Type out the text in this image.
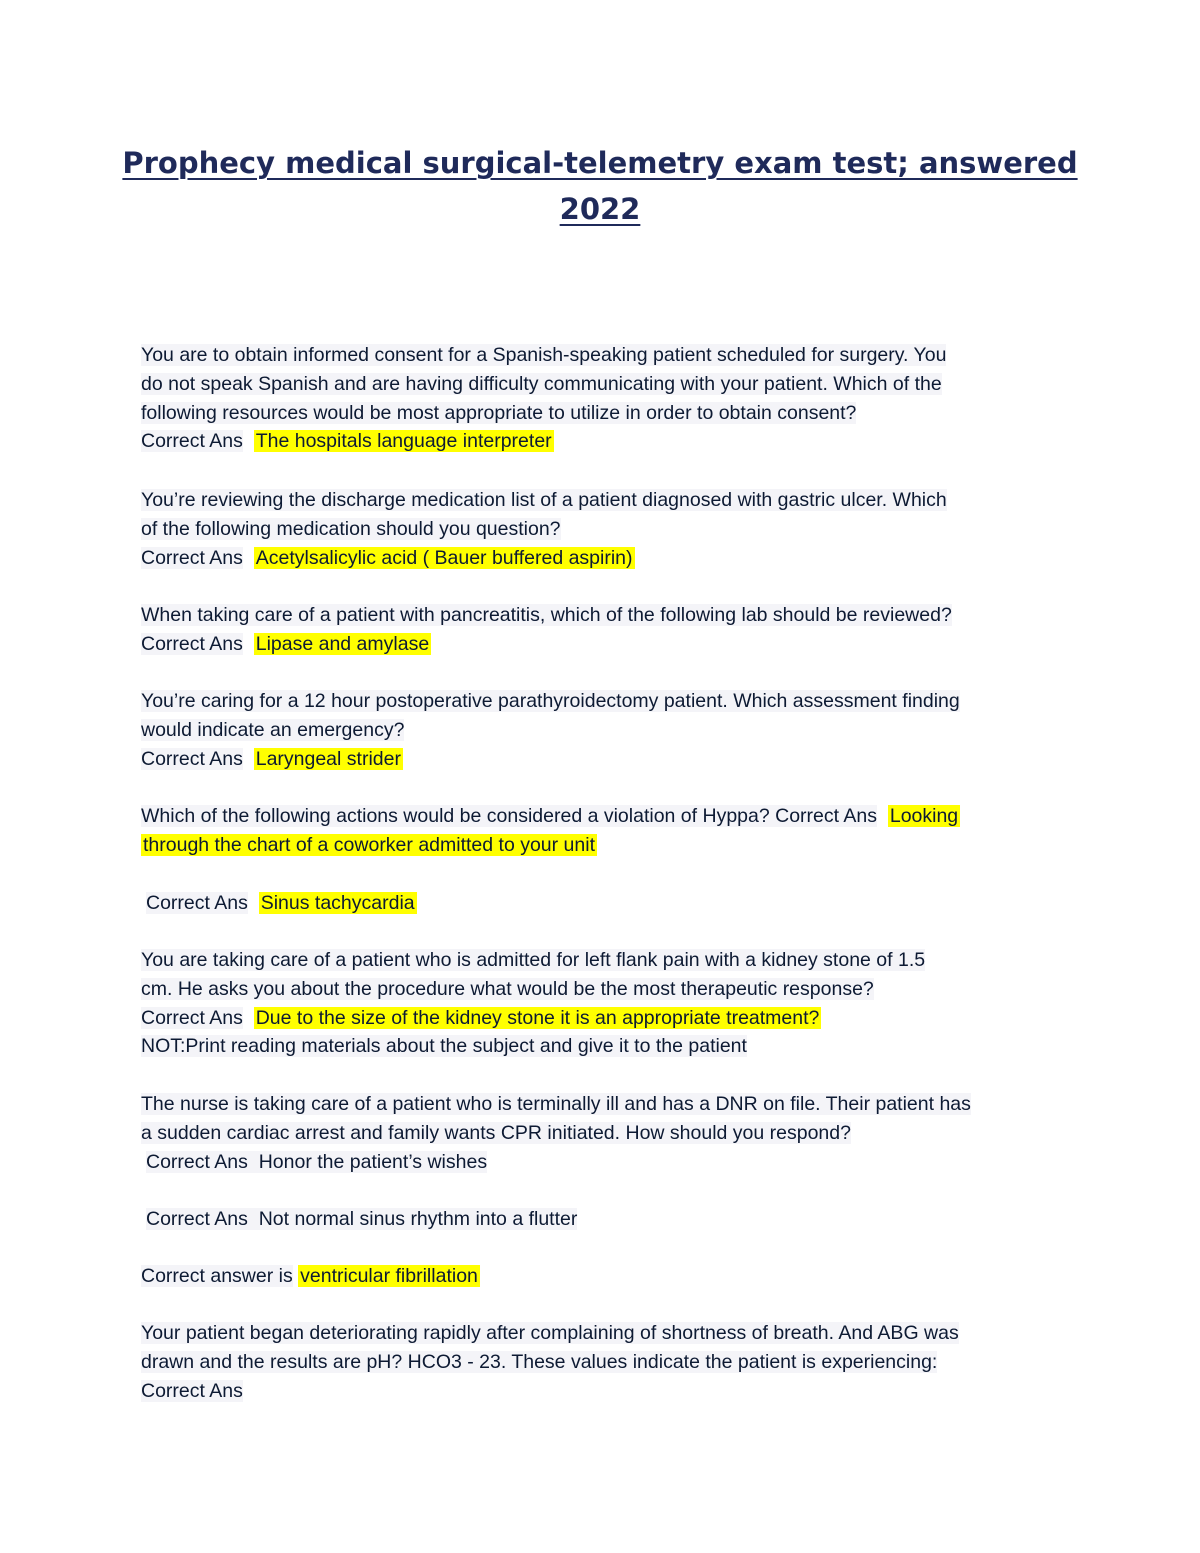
Prophecy medical surgical-telemetry exam test; answered
2022
You are to obtain informed consent for a Spanish-speaking patient scheduled for surgery. You
do not speak Spanish and are having difficulty communicating with your patient. Which of the
following resources would be most appropriate to utilize in order to obtain consent?
Correct Ans The hospitals language interpreter
You’re reviewing the discharge medication list of a patient diagnosed with gastric ulcer. Which
of the following medication should you question?
Correct Ans Acetylsalicylic acid ( Bauer buffered aspirin)
When taking care of a patient with pancreatitis, which of the following lab should be reviewed?
Correct Ans Lipase and amylase
You’re caring for a 12 hour postoperative parathyroidectomy patient. Which assessment finding
would indicate an emergency?
Correct Ans Laryngeal strider
Which of the following actions would be considered a violation of Hyppa? Correct Ans Looking
through the chart of a coworker admitted to your unit
Correct Ans Sinus tachycardia
You are taking care of a patient who is admitted for left flank pain with a kidney stone of 1.5
cm. He asks you about the procedure what would be the most therapeutic response?
Correct Ans Due to the size of the kidney stone it is an appropriate treatment?
NOT:Print reading materials about the subject and give it to the patient
The nurse is taking care of a patient who is terminally ill and has a DNR on file. Their patient has
a sudden cardiac arrest and family wants CPR initiated. How should you respond?
Correct Ans Honor the patient’s wishes
Correct Ans Not normal sinus rhythm into a flutter
Correct answer is ventricular fibrillation
Your patient began deteriorating rapidly after complaining of shortness of breath. And ABG was
drawn and the results are pH? HCO3 - 23. These values indicate the patient is experiencing:
Correct Ans
